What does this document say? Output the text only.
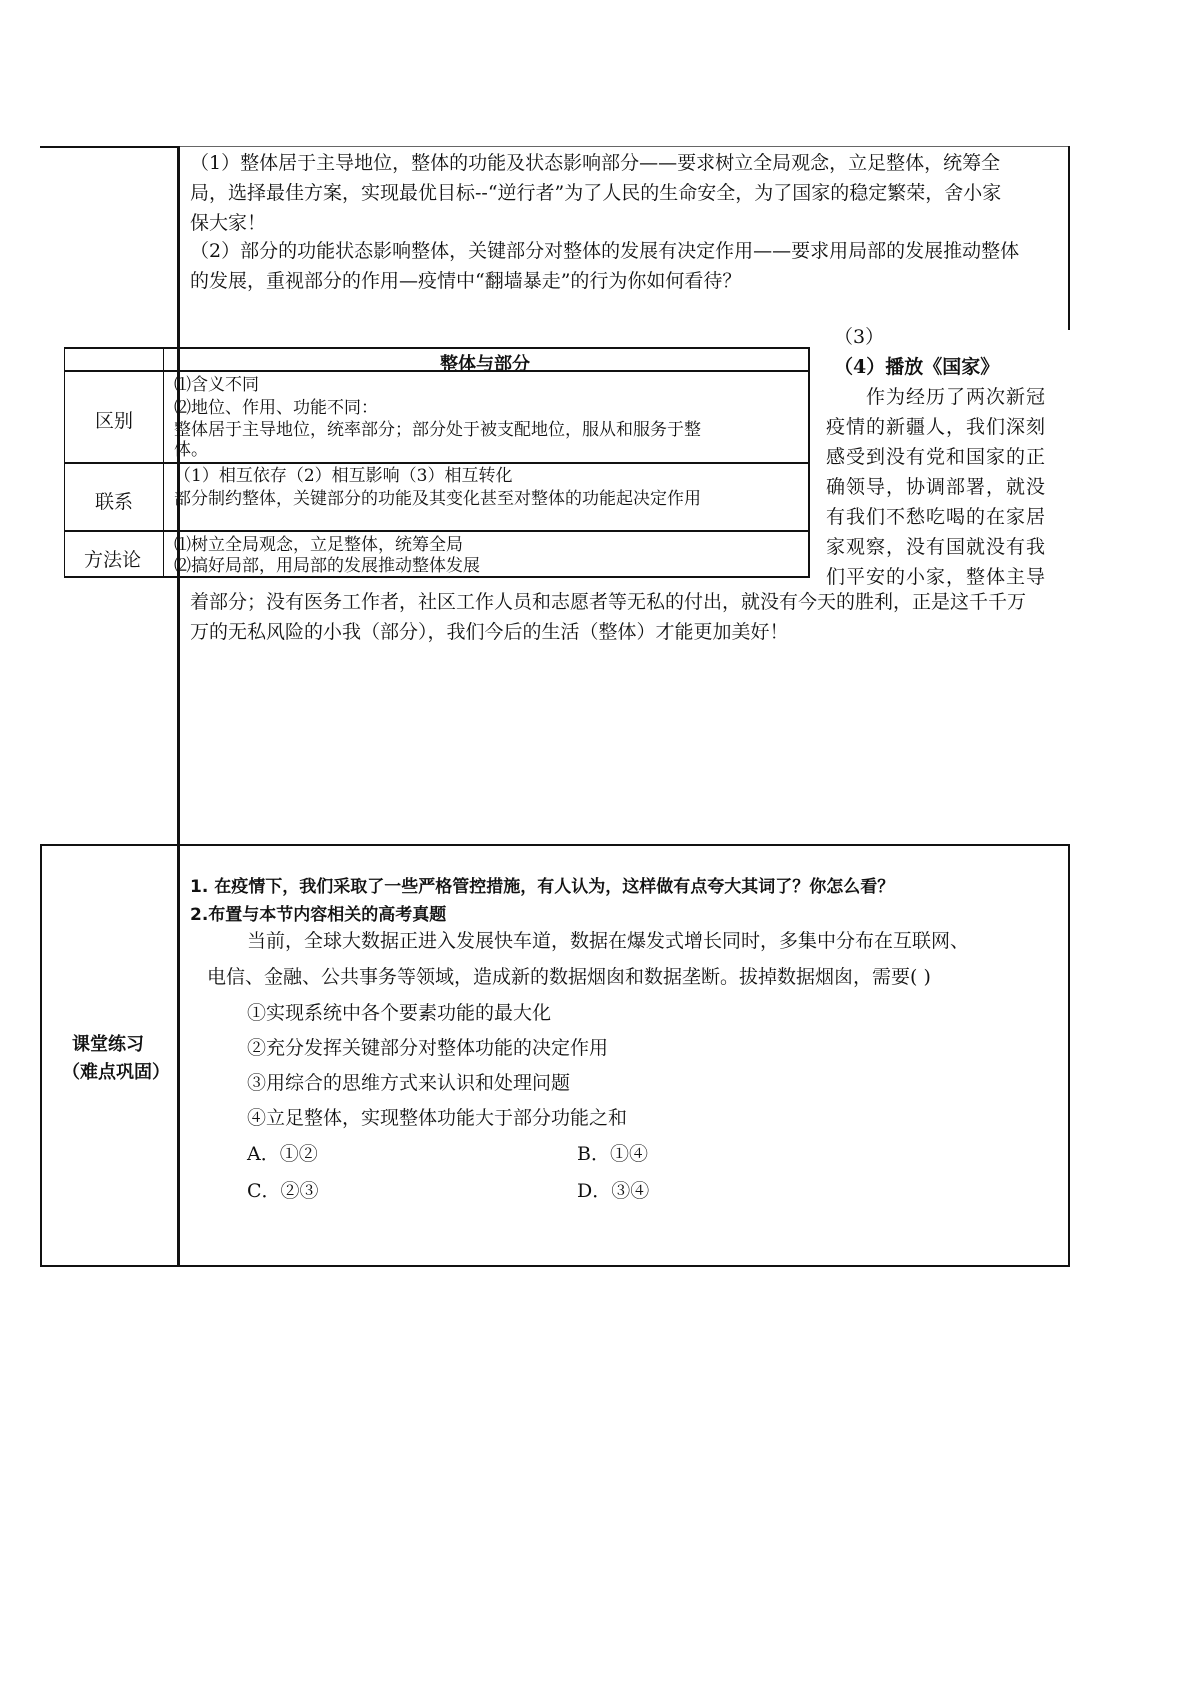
（1）整体居于主导地位，整体的功能及状态影响部分——要求树立全局观念，立足整体，统筹全
局，选择最佳方案，实现最优目标--“逆行者”为了人民的生命安全，为了国家的稳定繁荣，舍小家
保大家！
（2）部分的功能状态影响整体，关键部分对整体的发展有决定作用——要求用局部的发展推动整体
的发展，重视部分的作用—疫情中“翻墙暴走”的行为你如何看待？
（3）
（4）播放《国家》
作为经历了两次新冠
疫情的新疆人，我们深刻
感受到没有党和国家的正
确领导，协调部署，就没
有我们不愁吃喝的在家居
家观察，没有国就没有我
们平安的小家，整体主导
着部分；没有医务工作者，社区工作人员和志愿者等无私的付出，就没有今天的胜利，正是这千千万
万的无私风险的小我（部分），我们今后的生活（整体）才能更加美好！
整体与部分
区别
⑴含义不同
⑵地位、作用、功能不同：
整体居于主导地位，统率部分；部分处于被支配地位，服从和服务于整
体。
联系
（1）相互依存（2）相互影响（3）相互转化
部分制约整体，关键部分的功能及其变化甚至对整体的功能起决定作用
方法论
⑴树立全局观念，立足整体，统筹全局
⑵搞好局部，用局部的发展推动整体发展
课堂练习
（难点巩固）
1. 在疫情下，我们采取了一些严格管控措施，有人认为，这样做有点夸大其词了？你怎么看？
2.布置与本节内容相关的高考真题
当前，全球大数据正进入发展快车道，数据在爆发式增长同时，多集中分布在互联网、
电信、金融、公共事务等领域，造成新的数据烟囱和数据垄断。拔掉数据烟囱，需要( )
①实现系统中各个要素功能的最大化
②充分发挥关键部分对整体功能的决定作用
③用综合的思维方式来认识和处理问题
④立足整体，实现整体功能大于部分功能之和
A．①②	B．①④
C．②③	D．③④
